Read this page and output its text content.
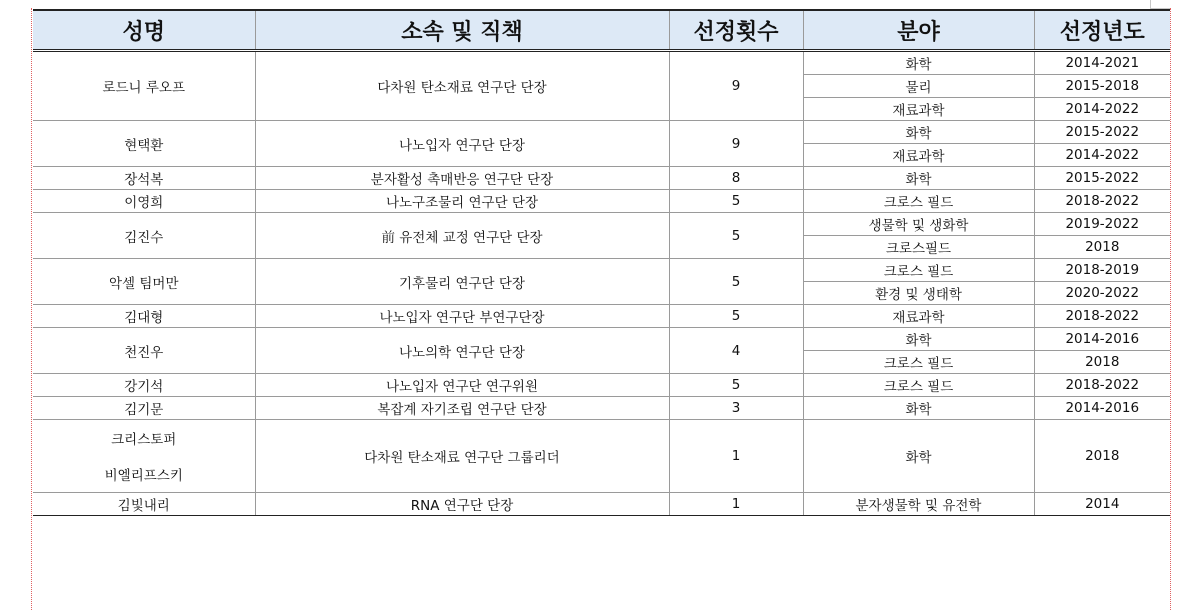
성명	소속 및 직책	선정횟수	분야	선정년도
로드니 루오프	다차원 탄소재료 연구단 단장	9	화학	2014-2021
			물리	2015-2018
			재료과학	2014-2022
현택환	나노입자 연구단 단장	9	화학	2015-2022
			재료과학	2014-2022
장석복	분자활성 촉매반응 연구단 단장	8	화학	2015-2022
이영희	나노구조물리 연구단 단장	5	크로스 필드	2018-2022
김진수	前 유전체 교정 연구단 단장	5	생물학 및 생화학	2019-2022
			크로스필드	2018
악셀 팀머만	기후물리 연구단 단장	5	크로스 필드	2018-2019
			환경 및 생태학	2020-2022
김대형	나노입자 연구단 부연구단장	5	재료과학	2018-2022
천진우	나노의학 연구단 단장	4	화학	2014-2016
			크로스 필드	2018
강기석	나노입자 연구단 연구위원	5	크로스 필드	2018-2022
김기문	복잡계 자기조립 연구단 단장	3	화학	2014-2016

크리스토퍼
비엘리프스키	다차원 탄소재료 연구단 그룹리더	1	화학	2018
김빛내리	RNA 연구단 단장	1	분자생물학 및 유전학	2014
